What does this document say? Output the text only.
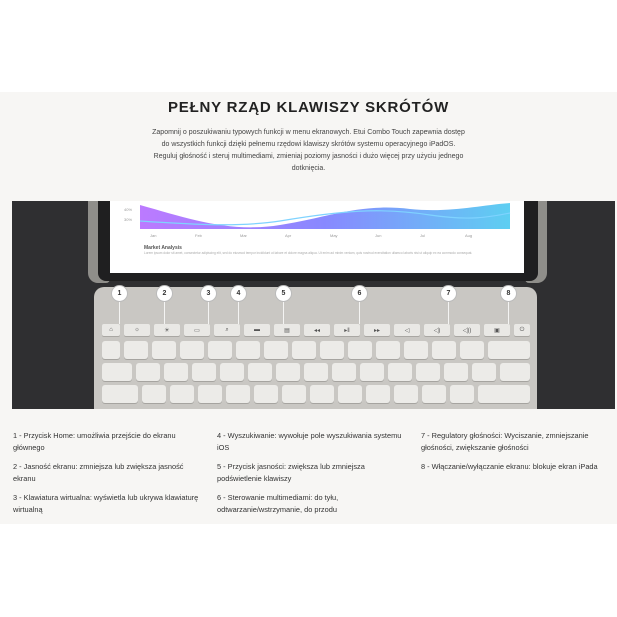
PEŁNY RZĄD KLAWISZY SKRÓTÓW
Zapomnij o poszukiwaniu typowych funkcji w menu ekranowych. Etui Combo Touch zapewnia dostęp do wszystkich funkcji dzięki pełnemu rzędowi klawiszy skrótów systemu operacyjnego iPadOS. Reguluj głośność i steruj multimediami, zmieniaj poziomy jasności i dużo więcej przy użyciu jednego dotknięcia.
40%
30%
Jan	Feb	Mar	Apr	May	Jun	Jul	Aug
Market Analysis
Lorem ipsum dolor sit amet, consectetur adipiscing elit, sed do eiusmod tempor incididunt ut labore et dolore magna aliqua. Ut enim ad minim veniam, quis nostrud exercitation ullamco laboris nisi ut aliquip ex ea commodo consequat.
⌂	☼	☀	▭	⌕	▬	▤	◂◂	▸‖	▸▸	◁	◁)	◁))	▣	⏻
1	2	3	4	5	6	7	8
1 - Przycisk Home: umożliwia przejście do ekranu głównego
2 - Jasność ekranu: zmniejsza lub zwiększa jasność ekranu
3 - Klawiatura wirtualna: wyświetla lub ukrywa klawiaturę wirtualną
4 - Wyszukiwanie: wywołuje pole wyszukiwania systemu iOS
5 - Przycisk jasności: zwiększa lub zmniejsza podświetlenie klawiszy
6 - Sterowanie multimediami: do tyłu, odtwarzanie/wstrzymanie, do przodu
7 - Regulatory głośności: Wyciszanie, zmniejszanie głośności, zwiększanie głośności
8 - Włączanie/wyłączanie ekranu: blokuje ekran iPada
